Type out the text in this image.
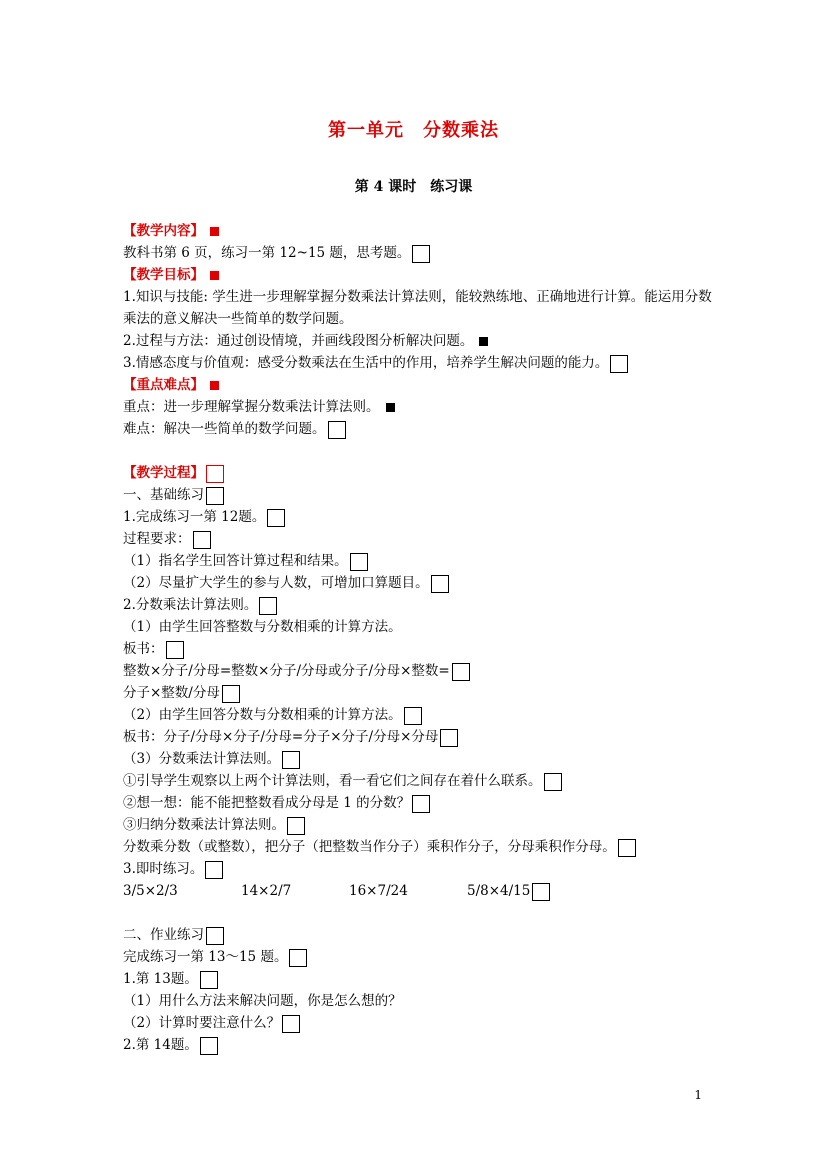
第一单元　分数乘法
第 4 课时　练习课
【教学内容】
教科书第 6 页，练习一第 12~15 题，思考题。
【教学目标】
1.知识与技能: 学生进一步理解掌握分数乘法计算法则，能较熟练地、正确地进行计算。能运用分数乘法的意义解决一些简单的数学问题。
2.过程与方法：通过创设情境，并画线段图分析解决问题。
3.情感态度与价值观：感受分数乘法在生活中的作用，培养学生解决问题的能力。
【重点难点】
重点：进一步理解掌握分数乘法计算法则。
难点：解决一些简单的数学问题。
【教学过程】
一、基础练习
1.完成练习一第 12题。
过程要求：
（1）指名学生回答计算过程和结果。
（2）尽量扩大学生的参与人数，可增加口算题目。
2.分数乘法计算法则。
（1）由学生回答整数与分数相乘的计算方法。
板书：
整数×分子/分母=整数×分子/分母或分子/分母×整数=
分子×整数/分母
（2）由学生回答分数与分数相乘的计算方法。
板书：分子/分母×分子/分母=分子×分子/分母×分母
（3）分数乘法计算法则。
①引导学生观察以上两个计算法则，看一看它们之间存在着什么联系。
②想一想：能不能把整数看成分母是 1 的分数？
③归纳分数乘法计算法则。
分数乘分数（或整数），把分子（把整数当作分子）乘积作分子，分母乘积作分母。
3.即时练习。
3/5×2/3	14×2/7	16×7/24	5/8×4/15
二、作业练习
完成练习一第 13～15 题。
1.第 13题。
（1）用什么方法来解决问题，你是怎么想的？
（2）计算时要注意什么？
2.第 14题。
1
